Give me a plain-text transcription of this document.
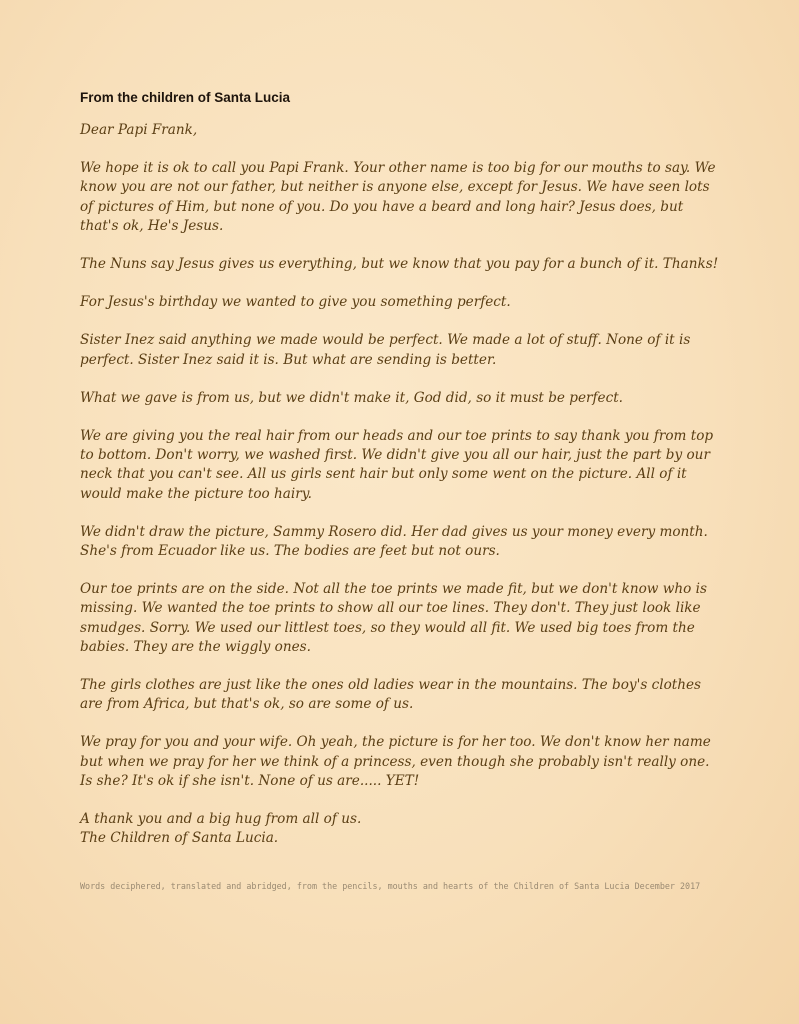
From the children of Santa Lucia

Dear Papi Frank,

We hope it is ok to call you Papi Frank. Your other name is too big for our mouths to say. We know you are not our father, but neither is anyone else, except for Jesus. We have seen lots of pictures of Him, but none of you. Do you have a beard and long hair? Jesus does, but that's ok, He's Jesus.

The Nuns say Jesus gives us everything, but we know that you pay for a bunch of it. Thanks!

For Jesus's birthday we wanted to give you something perfect.

Sister Inez said anything we made would be perfect. We made a lot of stuff. None of it is perfect. Sister Inez said it is. But what are sending is better.

What we gave is from us, but we didn't make it, God did, so it must be perfect.

We are giving you the real hair from our heads and our toe prints to say thank you from top to bottom. Don't worry, we washed first. We didn't give you all our hair, just the part by our neck that you can't see. All us girls sent hair but only some went on the picture. All of it would make the picture too hairy.

We didn't draw the picture, Sammy Rosero did. Her dad gives us your money every month. She's from Ecuador like us. The bodies are feet but not ours.

Our toe prints are on the side. Not all the toe prints we made fit, but we don't know who is missing. We wanted the toe prints to show all our toe lines. They don't. They just look like smudges. Sorry. We used our littlest toes, so they would all fit. We used big toes from the babies. They are the wiggly ones.

The girls clothes are just like the ones old ladies wear in the mountains. The boy's clothes are from Africa, but that's ok, so are some of us.

We pray for you and your wife. Oh yeah, the picture is for her too. We don't know her name but when we pray for her we think of a princess, even though she probably isn't really one. Is she? It's ok if she isn't. None of us are..... YET!

A thank you and a big hug from all of us.
The Children of Santa Lucia.

Words deciphered, translated and abridged, from the pencils, mouths and hearts of the Children of Santa Lucia December 2017
